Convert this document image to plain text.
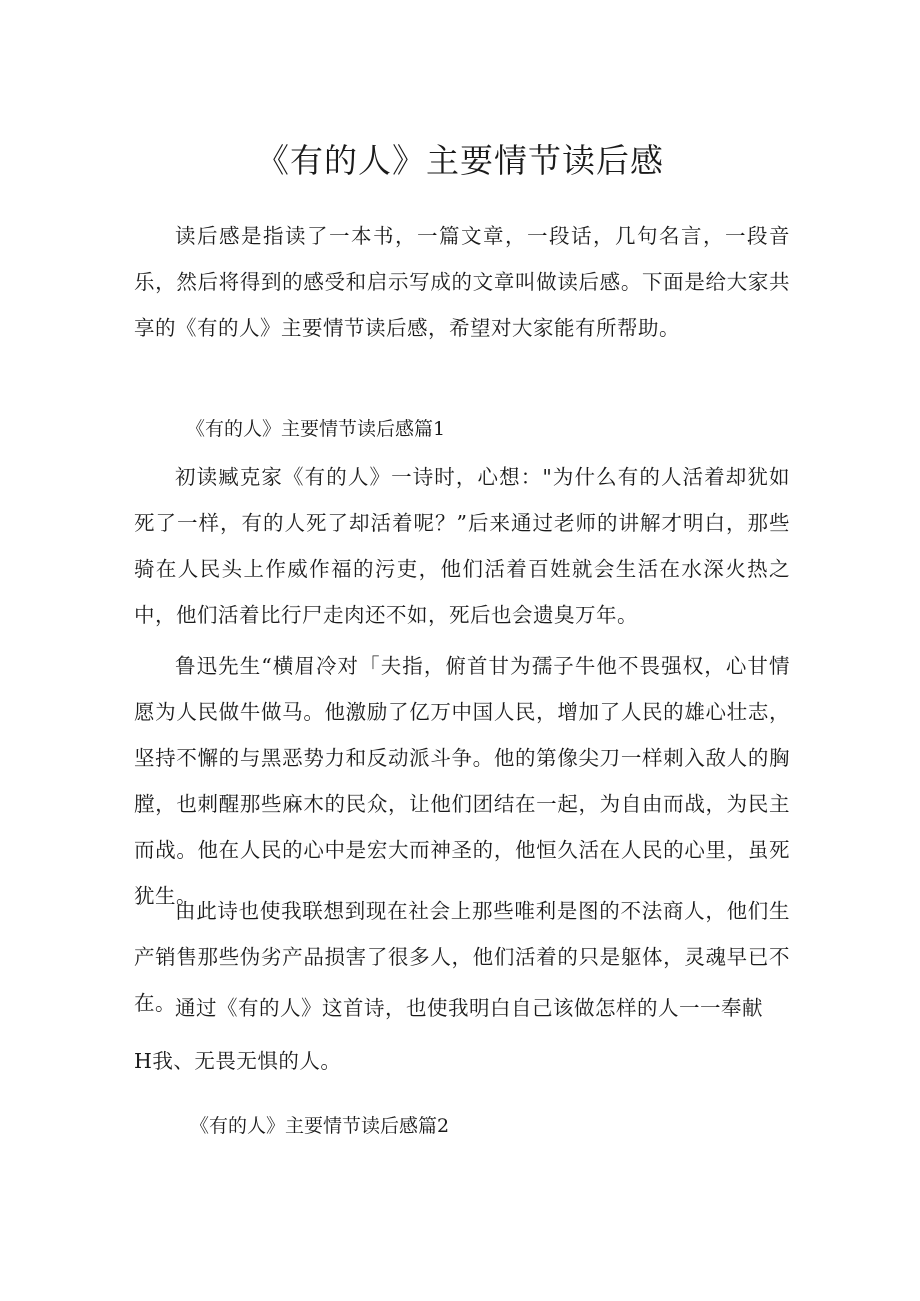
《有的人》主要情节读后感

读后感是指读了一本书，一篇文章，一段话，几句名言，一段音乐，然后将得到的感受和启示写成的文章叫做读后感。下面是给大家共享的《有的人》主要情节读后感，希望对大家能有所帮助。

《有的人》主要情节读后感篇1

初读臧克家《有的人》一诗时，心想："为什么有的人活着却犹如死了一样，有的人死了却活着呢？”后来通过老师的讲解才明白，那些骑在人民头上作威作福的污吏，他们活着百姓就会生活在水深火热之中，他们活着比行尸走肉还不如，死后也会遗臭万年。

鲁迅先生“横眉冷对「夫指，俯首甘为孺子牛他不畏强权，心甘情愿为人民做牛做马。他激励了亿万中国人民，增加了人民的雄心壮志，坚持不懈的与黑恶势力和反动派斗争。他的第像尖刀一样刺入敌人的胸膛，也刺醒那些麻木的民众，让他们团结在一起，为自由而战，为民主而战。他在人民的心中是宏大而神圣的，他恒久活在人民的心里，虽死犹生。

由此诗也使我联想到现在社会上那些唯利是图的不法商人，他们生产销售那些伪劣产品损害了很多人，他们活着的只是躯体，灵魂早已不在。 通过《有的人》这首诗，也使我明白自己该做怎样的人一一奉献

H我、无畏无惧的人。

《有的人》主要情节读后感篇2
